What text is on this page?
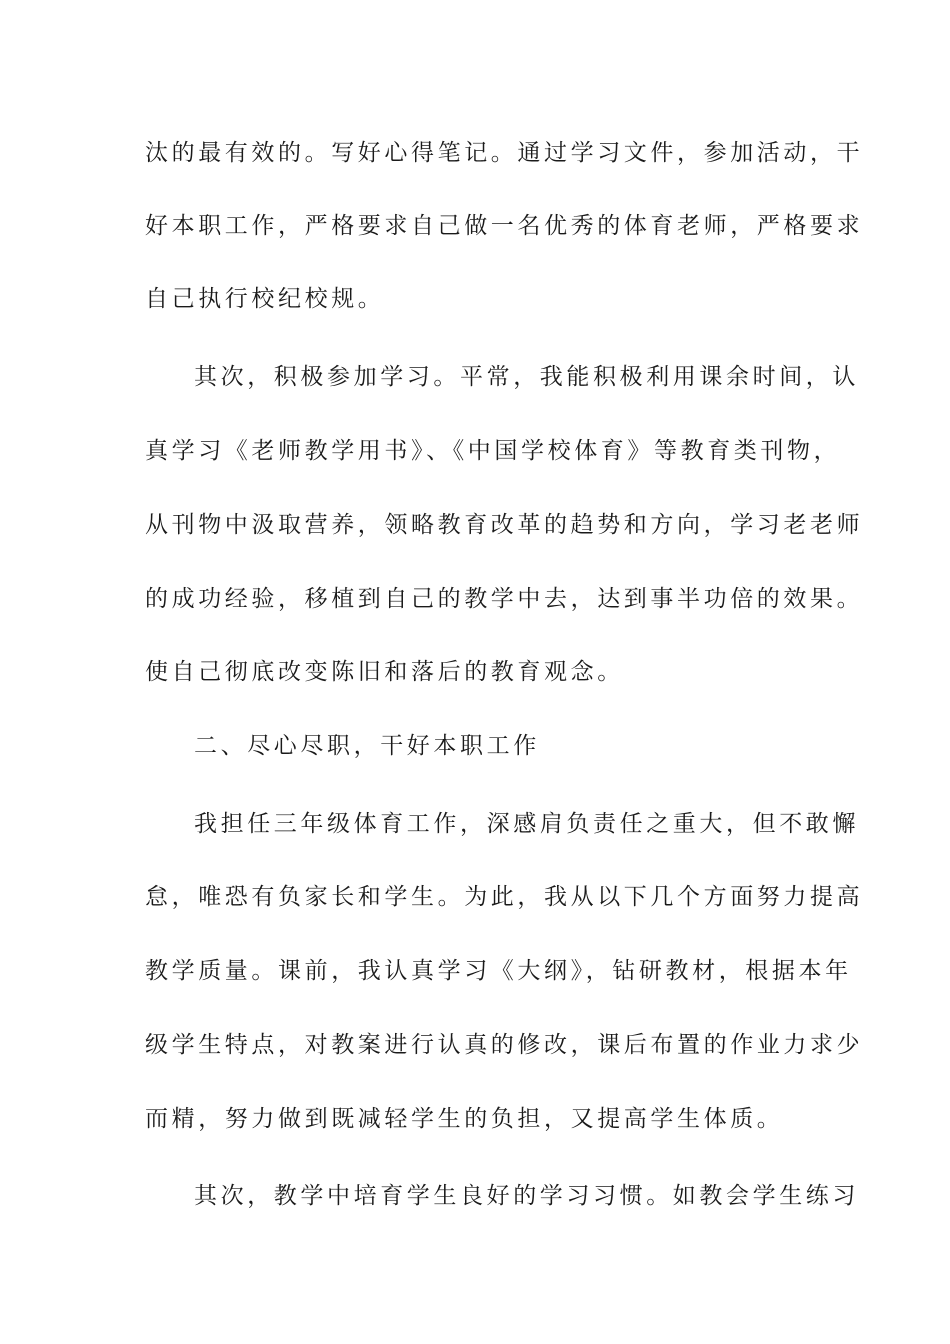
汰的最有效的。写好心得笔记。通过学习文件，参加活动，干
好本职工作，严格要求自己做一名优秀的体育老师，严格要求
自己执行校纪校规。
其次，积极参加学习。平常，我能积极利用课余时间，认
真学习《老师教学用书》、《中国学校体育》等教育类刊物，
从刊物中汲取营养，领略教育改革的趋势和方向，学习老老师
的成功经验，移植到自己的教学中去，达到事半功倍的效果。
使自己彻底改变陈旧和落后的教育观念。
二、尽心尽职，干好本职工作
我担任三年级体育工作，深感肩负责任之重大，但不敢懈
怠，唯恐有负家长和学生。为此，我从以下几个方面努力提高
教学质量。课前，我认真学习《大纲》，钻研教材，根据本年
级学生特点，对教案进行认真的修改，课后布置的作业力求少
而精，努力做到既减轻学生的负担，又提高学生体质。
其次，教学中培育学生良好的学习习惯。如教会学生练习
